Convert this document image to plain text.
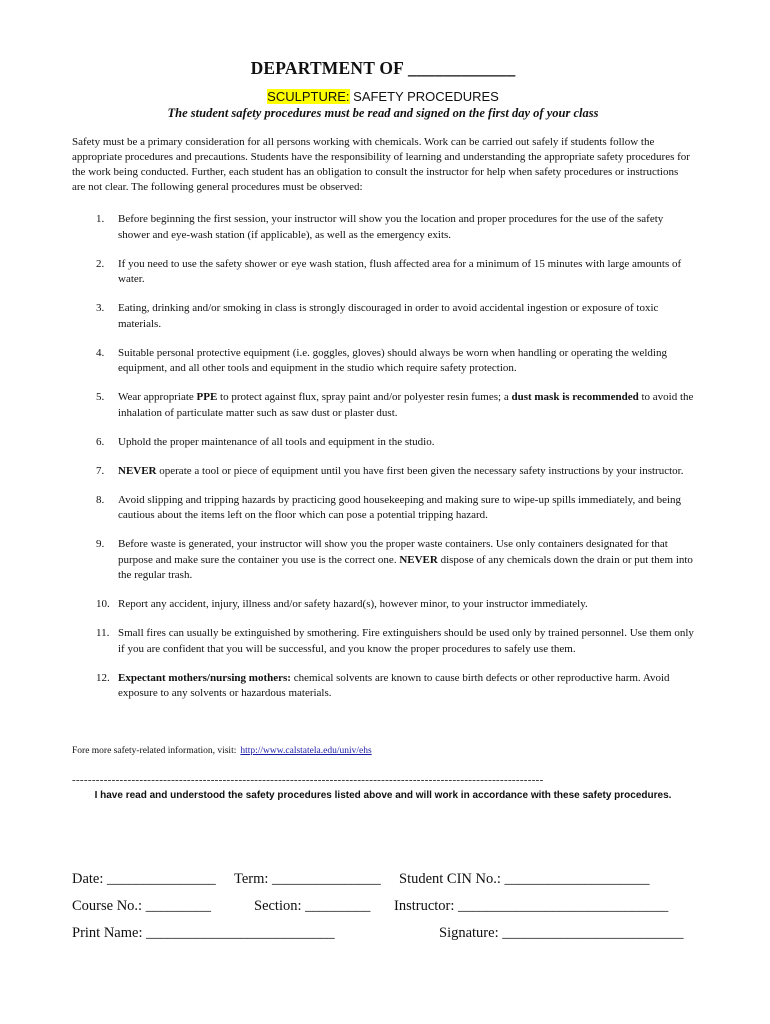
DEPARTMENT OF ____________

SCULPTURE: SAFETY PROCEDURES
The student safety procedures must be read and signed on the first day of your class
Safety must be a primary consideration for all persons working with chemicals. Work can be carried out safely if students follow the appropriate procedures and precautions. Students have the responsibility of learning and understanding the appropriate safety procedures for the work being conducted. Further, each student has an obligation to consult the instructor for help when safety procedures or instructions are not clear. The following general procedures must be observed:
1. Before beginning the first session, your instructor will show you the location and proper procedures for the use of the safety shower and eye-wash station (if applicable), as well as the emergency exits.
2. If you need to use the safety shower or eye wash station, flush affected area for a minimum of 15 minutes with large amounts of water.
3. Eating, drinking and/or smoking in class is strongly discouraged in order to avoid accidental ingestion or exposure of toxic materials.
4. Suitable personal protective equipment (i.e. goggles, gloves) should always be worn when handling or operating the welding equipment, and all other tools and equipment in the studio which require safety protection.
5. Wear appropriate PPE to protect against flux, spray paint and/or polyester resin fumes; a dust mask is recommended to avoid the inhalation of particulate matter such as saw dust or plaster dust.
6. Uphold the proper maintenance of all tools and equipment in the studio.
7. NEVER operate a tool or piece of equipment until you have first been given the necessary safety instructions by your instructor.
8. Avoid slipping and tripping hazards by practicing good housekeeping and making sure to wipe-up spills immediately, and being cautious about the items left on the floor which can pose a potential tripping hazard.
9. Before waste is generated, your instructor will show you the proper waste containers. Use only containers designated for that purpose and make sure the container you use is the correct one. NEVER dispose of any chemicals down the drain or put them into the regular trash.
10. Report any accident, injury, illness and/or safety hazard(s), however minor, to your instructor immediately.
11. Small fires can usually be extinguished by smothering. Fire extinguishers should be used only by trained personnel. Use them only if you are confident that you will be successful, and you know the proper procedures to safely use them.
12. Expectant mothers/nursing mothers: chemical solvents are known to cause birth defects or other reproductive harm. Avoid exposure to any solvents or hazardous materials.
Fore more safety-related information, visit: http://www.calstatela.edu/univ/ehs
-----------------------------------------------------------------------------------------------------------------------
I have read and understood the safety procedures listed above and will work in accordance with these safety procedures.
Date: _______________ Term: _______________ Student CIN No.: ____________________
Course No.: _________	Section: _________ Instructor: _____________________________
Print Name: __________________________	Signature: _________________________
